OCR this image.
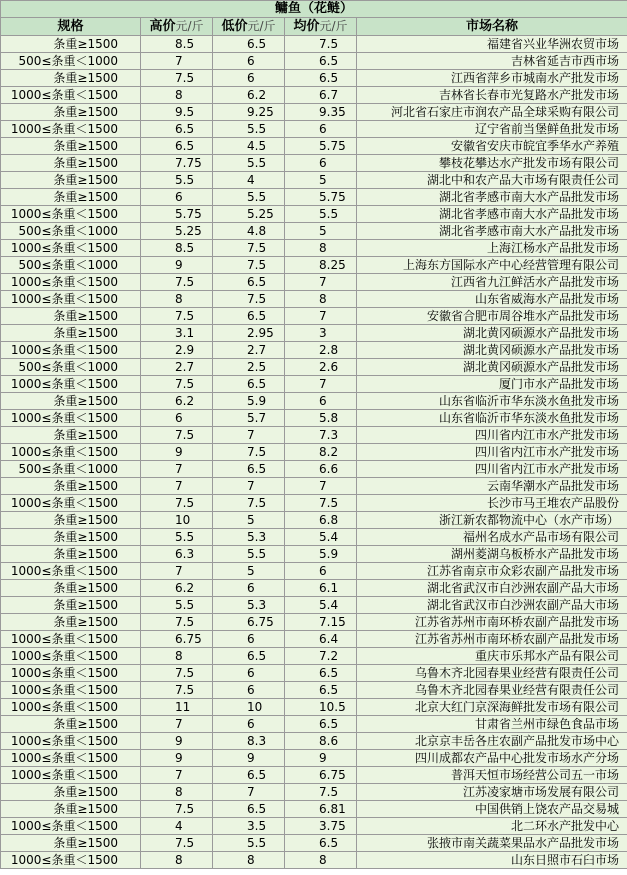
鳙鱼（花鲢）				
规格	高价元/斤	低价元/斤	均价元/斤	市场名称
条重≥1500	8.5	6.5	7.5	福建省兴业华洲农贸市场
500≤条重＜1000	7	6	6.5	吉林省延吉市西市场
条重≥1500	7.5	6	6.5	江西省萍乡市城南水产批发市场
1000≤条重＜1500	8	6.2	6.7	吉林省长春市光复路水产批发市场
条重≥1500	9.5	9.25	9.35	河北省石家庄市润农产品全球采购有限公司
1000≤条重＜1500	6.5	5.5	6	辽宁省前当堡鲜鱼批发市场
条重≥1500	6.5	4.5	5.75	安徽省安庆市皖宜季华水产养殖
条重≥1500	7.75	5.5	6	攀枝花攀达水产批发市场有限公司
条重≥1500	5.5	4	5	湖北中和农产品大市场有限责任公司
条重≥1500	6	5.5	5.75	湖北省孝感市南大水产品批发市场
1000≤条重＜1500	5.75	5.25	5.5	湖北省孝感市南大水产品批发市场
500≤条重＜1000	5.25	4.8	5	湖北省孝感市南大水产品批发市场
1000≤条重＜1500	8.5	7.5	8	上海江杨水产品批发市场
500≤条重＜1000	9	7.5	8.25	上海东方国际水产中心经营管理有限公司
1000≤条重＜1500	7.5	6.5	7	江西省九江鲜活水产品批发市场
1000≤条重＜1500	8	7.5	8	山东省威海水产品批发市场
条重≥1500	7.5	6.5	7	安徽省合肥市周谷堆水产品批发市场
条重≥1500	3.1	2.95	3	湖北黄冈硕源水产品批发市场
1000≤条重＜1500	2.9	2.7	2.8	湖北黄冈硕源水产品批发市场
500≤条重＜1000	2.7	2.5	2.6	湖北黄冈硕源水产品批发市场
1000≤条重＜1500	7.5	6.5	7	厦门市水产品批发市场
条重≥1500	6.2	5.9	6	山东省临沂市华东淡水鱼批发市场
1000≤条重＜1500	6	5.7	5.8	山东省临沂市华东淡水鱼批发市场
条重≥1500	7.5	7	7.3	四川省内江市水产批发市场
1000≤条重＜1500	9	7.5	8.2	四川省内江市水产批发市场
500≤条重＜1000	7	6.5	6.6	四川省内江市水产批发市场
条重≥1500	7	7	7	云南华潮水产品批发市场
1000≤条重＜1500	7.5	7.5	7.5	长沙市马王堆农产品股份
条重≥1500	10	5	6.8	浙江新农都物流中心（水产市场）
条重≥1500	5.5	5.3	5.4	福州名成水产品市场有限公司
条重≥1500	6.3	5.5	5.9	湖州菱湖乌板桥水产品批发市场
1000≤条重＜1500	7	5	6	江苏省南京市众彩农副产品批发市场
条重≥1500	6.2	6	6.1	湖北省武汉市白沙洲农副产品大市场
条重≥1500	5.5	5.3	5.4	湖北省武汉市白沙洲农副产品大市场
条重≥1500	7.5	6.75	7.15	江苏省苏州市南环桥农副产品批发市场
1000≤条重＜1500	6.75	6	6.4	江苏省苏州市南环桥农副产品批发市场
1000≤条重＜1500	8	6.5	7.2	重庆市乐邦水产品有限公司
1000≤条重＜1500	7.5	6	6.5	乌鲁木齐北园春果业经营有限责任公司
1000≤条重＜1500	7.5	6	6.5	乌鲁木齐北园春果业经营有限责任公司
1000≤条重＜1500	11	10	10.5	北京大红门京深海鲜批发市场有限公司
条重≥1500	7	6	6.5	甘肃省兰州市绿色食品市场
1000≤条重＜1500	9	8.3	8.6	北京京丰岳各庄农副产品批发市场中心
1000≤条重＜1500	9	9	9	四川成都农产品中心批发市场水产分场
1000≤条重＜1500	7	6.5	6.75	普洱天恒市场经营公司五一市场
条重≥1500	8	7	7.5	江苏凌家塘市场发展有限公司
条重≥1500	7.5	6.5	6.81	中国供销上饶农产品交易城
1000≤条重＜1500	4	3.5	3.75	北二环水产批发中心
条重≥1500	7.5	5.5	6.5	张掖市南关蔬菜果品水产品批发市场
1000≤条重＜1500	8	8	8	山东日照市石臼市场
